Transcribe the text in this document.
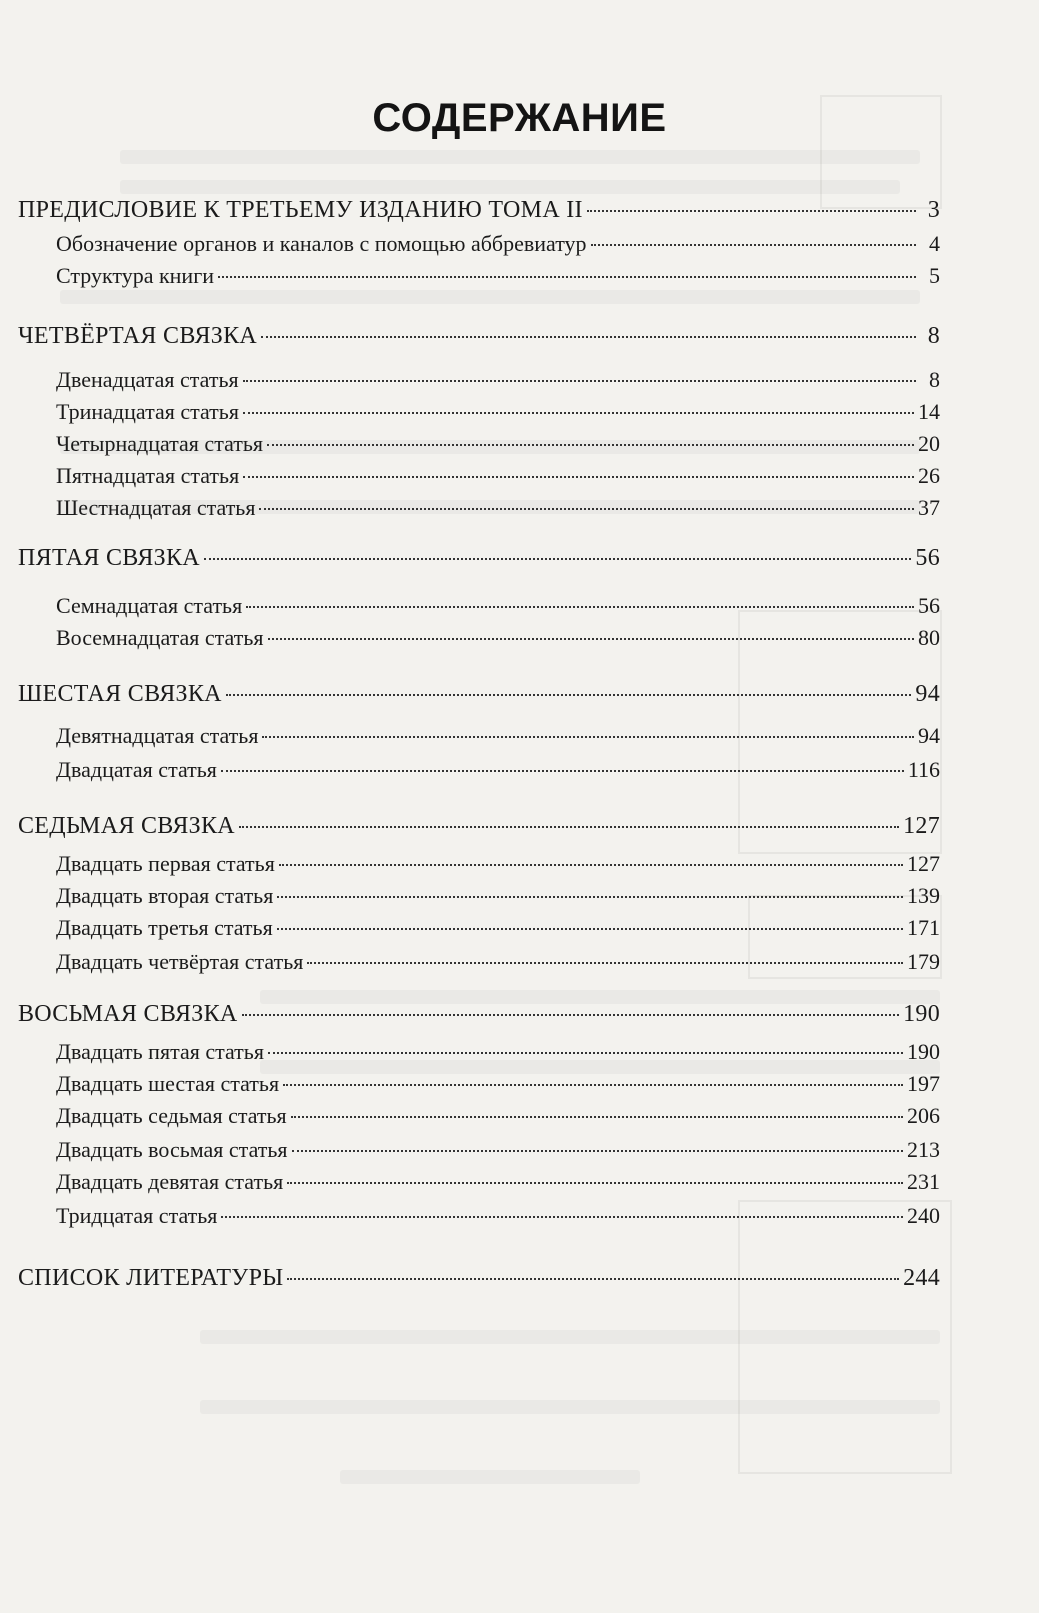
СОДЕРЖАНИЕ
ПРЕДИСЛОВИЕ К ТРЕТЬЕМУ ИЗДАНИЮ ТОМА II	3
Обозначение органов и каналов с помощью аббревиатур	4
Структура книги	5
ЧЕТВЁРТАЯ СВЯЗКА	8
Двенадцатая статья	8
Тринадцатая статья	14
Четырнадцатая статья	20
Пятнадцатая статья	26
Шестнадцатая статья	37
ПЯТАЯ СВЯЗКА	56
Семнадцатая статья	56
Восемнадцатая статья	80
ШЕСТАЯ СВЯЗКА	94
Девятнадцатая статья	94
Двадцатая статья	116
СЕДЬМАЯ СВЯЗКА	127
Двадцать первая статья	127
Двадцать вторая статья	139
Двадцать третья статья	171
Двадцать четвёртая статья	179
ВОСЬМАЯ СВЯЗКА	190
Двадцать пятая статья	190
Двадцать шестая статья	197
Двадцать седьмая статья	206
Двадцать восьмая статья	213
Двадцать девятая статья	231
Тридцатая статья	240
СПИСОК ЛИТЕРАТУРЫ	244
